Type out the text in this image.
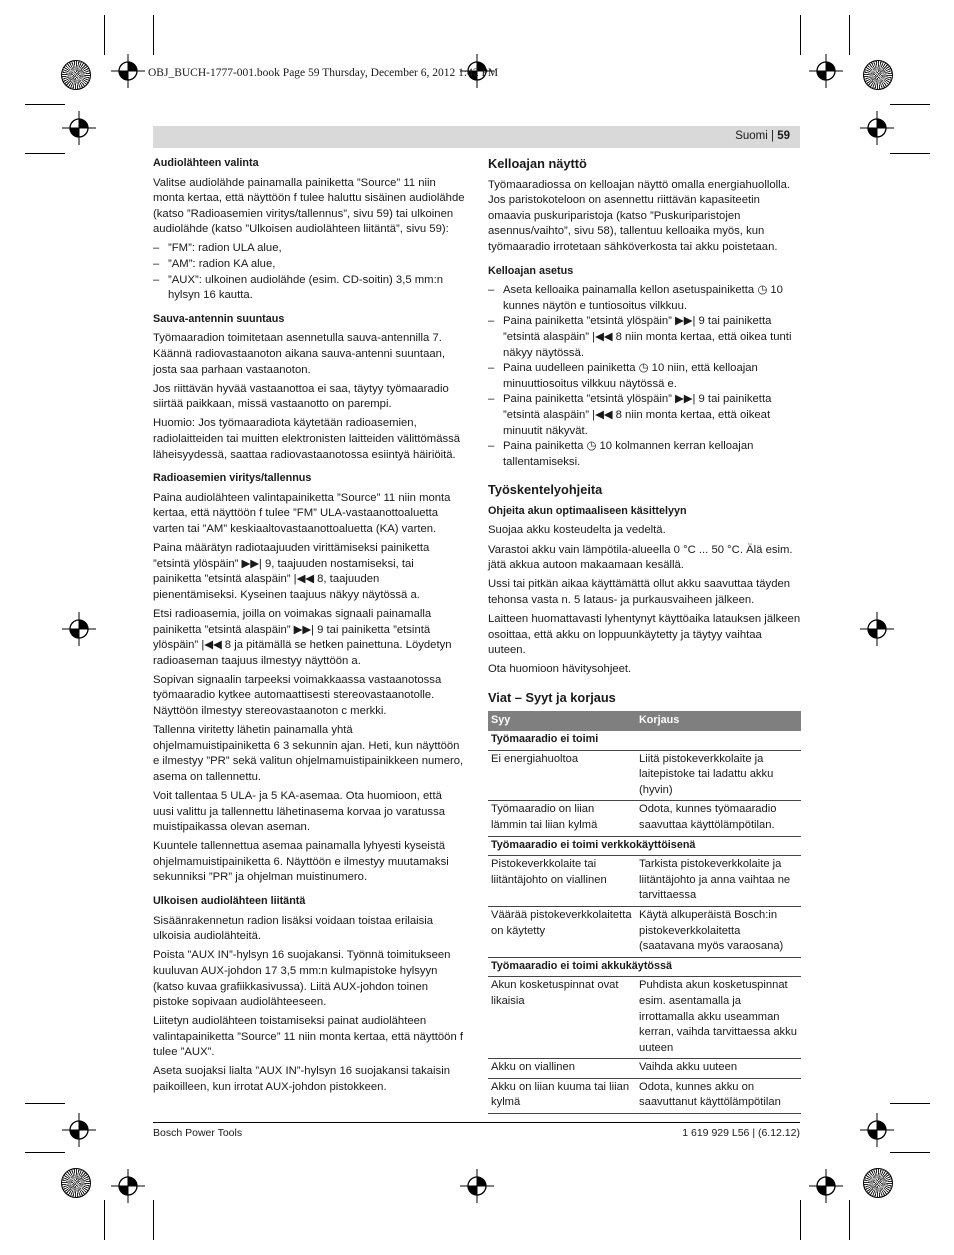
OBJ_BUCH-1777-001.book Page 59 Thursday, December 6, 2012 1:42 PM
Suomi | 59

Audiolähteen valinta

Valitse audiolähde painamalla painiketta ”Source” 11 niin monta kertaa, että näyttöön f tulee haluttu sisäinen audiolähde (katso ”Radioasemien viritys/tallennus”, sivu 59) tai ulkoinen audiolähde (katso ”Ulkoisen audiolähteen liitäntä”, sivu 59):

– ”FM”: radion ULA alue,

– ”AM”: radion KA alue,

– ”AUX”: ulkoinen audiolähde (esim. CD-soitin) 3,5 mm:n hylsyn 16 kautta.

Sauva-antennin suuntaus

Työmaaradion toimitetaan asennetulla sauva-antennilla 7. Käännä radiovastaanoton aikana sauva-antenni suuntaan, josta saa parhaan vastaanoton.

Jos riittävän hyvää vastaanottoa ei saa, täytyy työmaaradio siirtää paikkaan, missä vastaanotto on parempi.

Huomio: Jos työmaaradiota käytetään radioasemien, radiolaitteiden tai muitten elektronisten laitteiden välittömässä läheisyydessä, saattaa radiovastaanotossa esiintyä häiriöitä.

Radioasemien viritys/tallennus

Paina audiolähteen valintapainiketta ”Source” 11 niin monta kertaa, että näyttöön f tulee ”FM” ULA-vastaanottoaluetta varten tai ”AM” keskiaaltovastaanottoaluetta (KA) varten.

Paina määrätyn radiotaajuuden virittämiseksi painiketta ”etsintä ylöspäin” ▶▶| 9, taajuuden nostamiseksi, tai painiketta ”etsintä alaspäin” |◀◀ 8, taajuuden pienentämiseksi. Kyseinen taajuus näkyy näytössä a.

Etsi radioasemia, joilla on voimakas signaali painamalla painiketta ”etsintä alaspäin” ▶▶| 9 tai painiketta ”etsintä ylöspäin” |◀◀ 8 ja pitämällä se hetken painettuna. Löydetyn radioaseman taajuus ilmestyy näyttöön a.

Sopivan signaalin tarpeeksi voimakkaassa vastaanotossa työmaaradio kytkee automaattisesti stereovastaanotolle. Näyttöön ilmestyy stereovastaanoton c merkki.

Tallenna viritetty lähetin painamalla yhtä ohjelmamuistipainiketta 6 3 sekunnin ajan. Heti, kun näyttöön e ilmestyy ”PR” sekä valitun ohjelmamuistipainikkeen numero, asema on tallennettu.

Voit tallentaa 5 ULA- ja 5 KA-asemaa. Ota huomioon, että uusi valittu ja tallennettu lähetinasema korvaa jo varatussa muistipaikassa olevan aseman.

Kuuntele tallennettua asemaa painamalla lyhyesti kyseistä ohjelmamuistipainiketta 6. Näyttöön e ilmestyy muutamaksi sekunniksi ”PR” ja ohjelman muistinumero.

Ulkoisen audiolähteen liitäntä

Sisäänrakennetun radion lisäksi voidaan toistaa erilaisia ulkoisia audiolähteitä.

Poista ”AUX IN”-hylsyn 16 suojakansi. Työnnä toimitukseen kuuluvan AUX-johdon 17 3,5 mm:n kulmapistoke hylsyyn (katso kuvaa grafiikkasivussa). Liitä AUX-johdon toinen pistoke sopivaan audiolähteeseen.

Liitetyn audiolähteen toistamiseksi painat audiolähteen valintapainiketta ”Source” 11 niin monta kertaa, että näyttöön f tulee ”AUX”.

Aseta suojaksi lialta ”AUX IN”-hylsyn 16 suojakansi takaisin paikoilleen, kun irrotat AUX-johdon pistokkeen.

Kelloajan näyttö

Työmaaradiossa on kelloajan näyttö omalla energiahuollolla. Jos paristokoteloon on asennettu riittävän kapasiteetin omaavia puskuriparistoja (katso ”Puskuriparistojen asennus/vaihto”, sivu 58), tallentuu kelloaika myös, kun työmaaradio irrotetaan sähköverkosta tai akku poistetaan.

Kelloajan asetus

– Aseta kelloaika painamalla kellon asetuspainiketta ◷ 10 kunnes näytön e tuntiosoitus vilkkuu.

– Paina painiketta ”etsintä ylöspäin” ▶▶| 9 tai painiketta ”etsintä alaspäin” |◀◀ 8 niin monta kertaa, että oikea tunti näkyy näytössä.

– Paina uudelleen painiketta ◷ 10 niin, että kelloajan minuuttiosoitus vilkkuu näytössä e.

– Paina painiketta ”etsintä ylöspäin” ▶▶| 9 tai painiketta ”etsintä alaspäin” |◀◀ 8 niin monta kertaa, että oikeat minuutit näkyvät.

– Paina painiketta ◷ 10 kolmannen kerran kelloajan tallentamiseksi.

Työskentelyohjeita

Ohjeita akun optimaaliseen käsittelyyn

Suojaa akku kosteudelta ja vedeltä.

Varastoi akku vain lämpötila-alueella 0 °C ... 50 °C. Älä esim. jätä akkua autoon makaamaan kesällä.

Ussi tai pitkän aikaa käyttämättä ollut akku saavuttaa täyden tehonsa vasta n. 5 lataus- ja purkausvaiheen jälkeen.

Laitteen huomattavasti lyhentynyt käyttöaika latauksen jälkeen osoittaa, että akku on loppuunkäytetty ja täytyy vaihtaa uuteen.

Ota huomioon hävitysohjeet.

Viat – Syyt ja korjaus

Syy	Korjaus
Työmaaradio ei toimi	
Ei energiahuoltoa	Liitä pistokeverkkolaite ja laitepistoke tai ladattu akku (hyvin)
Työmaaradio on liian lämmin tai liian kylmä	Odota, kunnes työmaaradio saavuttaa käyttölämpötilan.
Työmaaradio ei toimi verkkokäyttöisenä	
Pistokeverkkolaite tai liitäntäjohto on viallinen	Tarkista pistokeverkkolaite ja liitäntäjohto ja anna vaihtaa ne tarvittaessa
Väärää pistokeverkkolaitetta on käytetty	Käytä alkuperäistä Bosch:in pistokeverkkolaitetta (saatavana myös varaosana)
Työmaaradio ei toimi akkukäytössä	
Akun kosketuspinnat ovat likaisia	Puhdista akun kosketuspinnat esim. asentamalla ja irrottamalla akku useamman kerran, vaihda tarvittaessa akku uuteen
Akku on viallinen	Vaihda akku uuteen
Akku on liian kuuma tai liian kylmä	Odota, kunnes akku on saavuttanut käyttölämpötilan
Bosch Power Tools	1 619 929 L56 | (6.12.12)
